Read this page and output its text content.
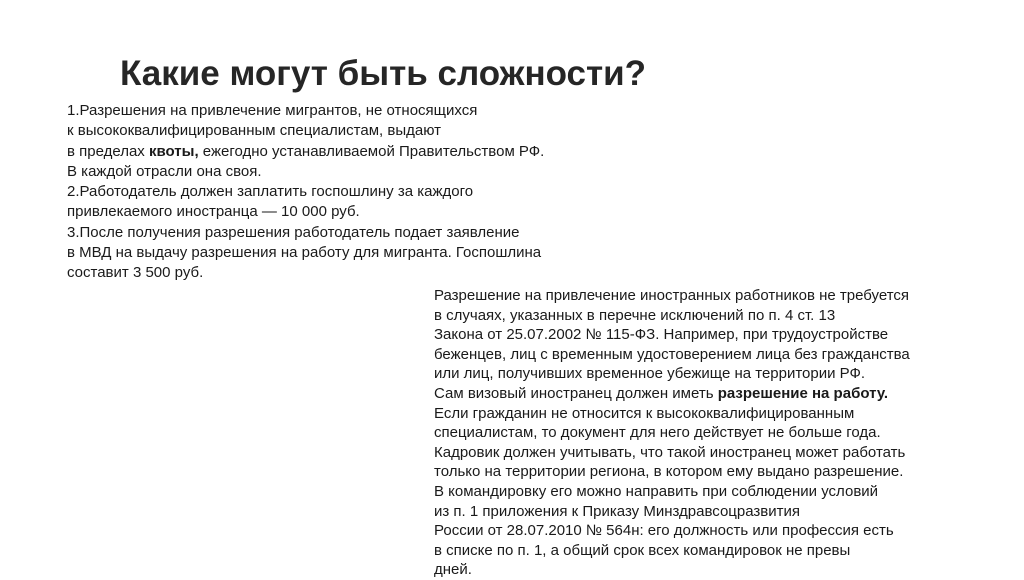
Какие могут быть сложности?
1.Разрешения на привлечение мигрантов, не относящихся
к высококвалифицированным специалистам, выдают
в пределах квоты, ежегодно устанавливаемой Правительством РФ.
В каждой отрасли она своя.
2.Работодатель должен заплатить госпошлину за каждого
привлекаемого иностранца — 10 000 руб.
3.После получения разрешения работодатель подает заявление
в МВД на выдачу разрешения на работу для мигранта. Госпошлина
составит 3 500 руб.
Разрешение на привлечение иностранных работников не требуется
в случаях, указанных в перечне исключений по п. 4 ст. 13
Закона от 25.07.2002 № 115-ФЗ. Например, при трудоустройстве
беженцев, лиц с временным удостоверением лица без гражданства
или лиц, получивших временное убежище на территории РФ.
Сам визовый иностранец должен иметь разрешение на работу.
Если гражданин не относится к высококвалифицированным
специалистам, то документ для него действует не больше года.
Кадровик должен учитывать, что такой иностранец может работать
только на территории региона, в котором ему выдано разрешение.
В командировку его можно направить при соблюдении условий
из п. 1 приложения к Приказу Минздравсоцразвития
России от 28.07.2010 № 564н: его должность или профессия есть
в списке по п. 1, а общий срок всех командировок не превы
дней.
